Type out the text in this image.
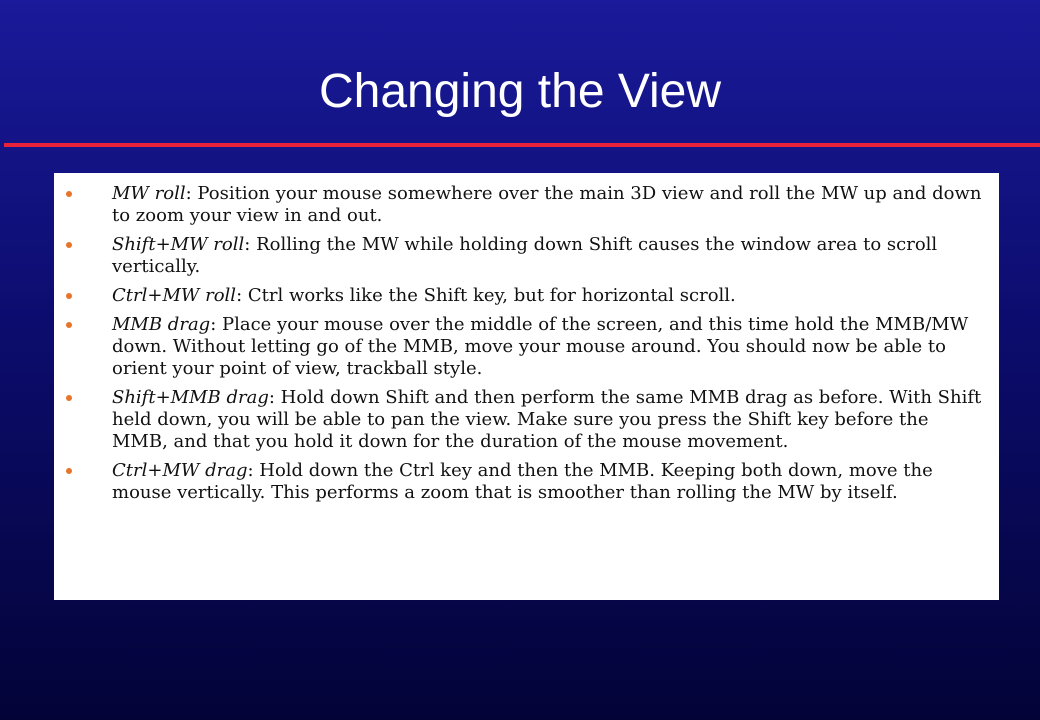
Changing the View
MW roll: Position your mouse somewhere over the main 3D view and roll the MW up and down to zoom your view in and out.
Shift+MW roll: Rolling the MW while holding down Shift causes the window area to scroll vertically.
Ctrl+MW roll: Ctrl works like the Shift key, but for horizontal scroll.
MMB drag: Place your mouse over the middle of the screen, and this time hold the MMB/MW down. Without letting go of the MMB, move your mouse around. You should now be able to orient your point of view, trackball style.
Shift+MMB drag: Hold down Shift and then perform the same MMB drag as before. With Shift held down, you will be able to pan the view. Make sure you press the Shift key before the MMB, and that you hold it down for the duration of the mouse movement.
Ctrl+MW drag: Hold down the Ctrl key and then the MMB. Keeping both down, move the mouse vertically. This performs a zoom that is smoother than rolling the MW by itself.
